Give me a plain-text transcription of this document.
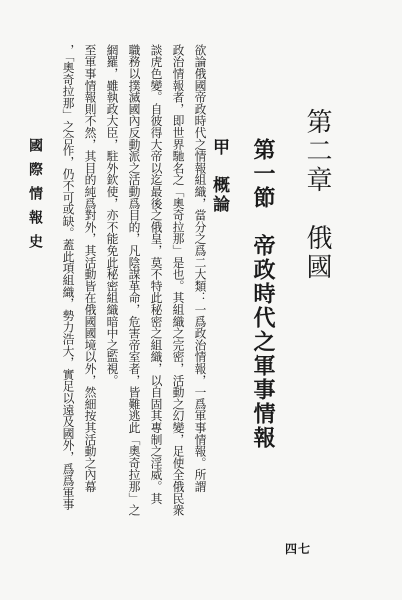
第二章　俄國
第一節　帝政時代之軍事情報
甲　概論
欲論俄國帝政時代之情報組織，當分之爲二大類：一爲政治情報，一爲軍事情報。所謂
政治情報者，即世界馳名之「奧奇拉那」是也。其組織之完密，活動之幻變，足使全俄民衆
談虎色變。自彼得大帝以迄最後之俄皇，莫不特此秘密之組織，以自固其專制之淫威。其
職務以撲滅國內反動派之活動爲目的，凡陰謀革命，危害帝室者，皆難逃此「奧奇拉那」之
網羅，雖執政大臣，駐外欽使，亦不能免此秘密組織暗中之監視。
至軍事情報則不然，其目的純爲對外，其活動皆在俄國國境以外，然細按其活動之內幕
，「奧奇拉那」之合作，仍不可或缺。蓋此項組織，勢力浩大，實足以遠及國外，爲爲軍事
國際情報史
四七
